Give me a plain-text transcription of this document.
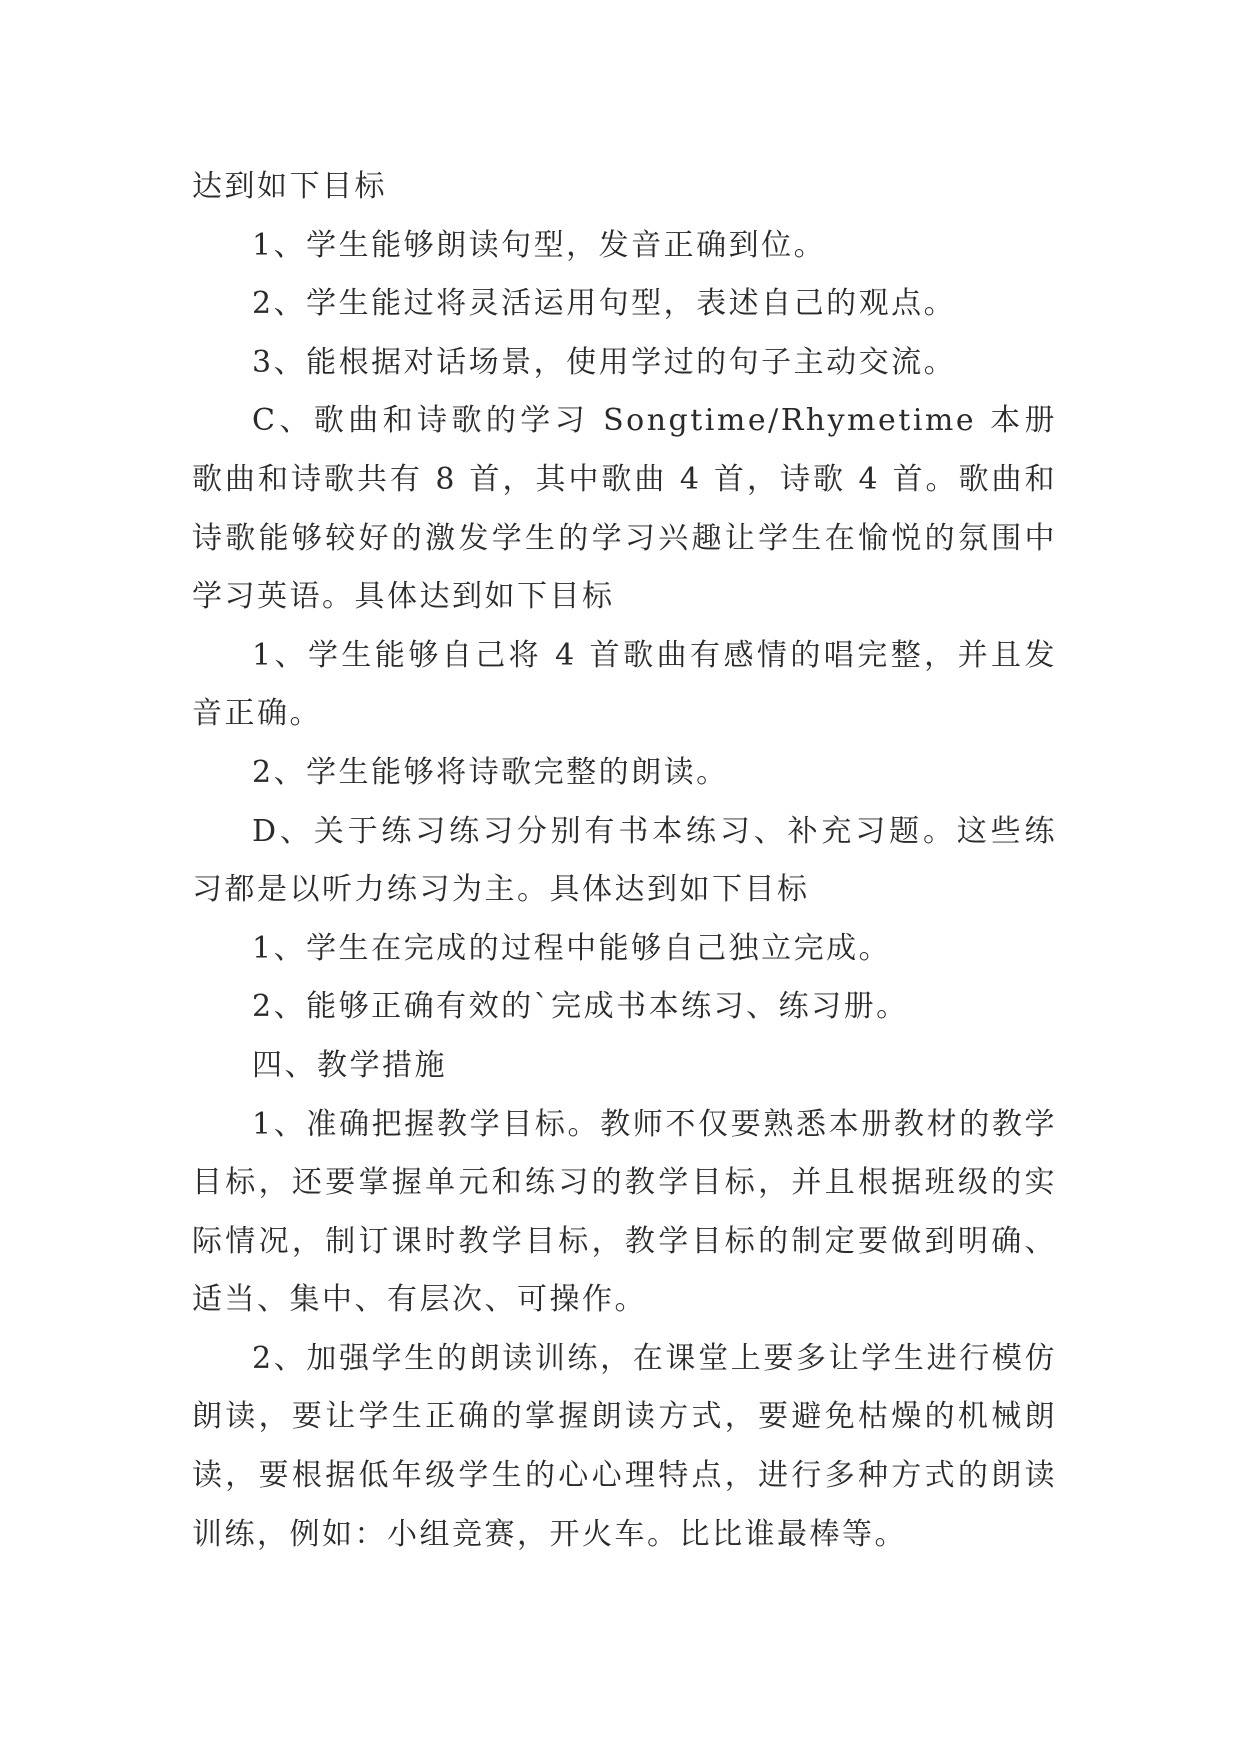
达到如下目标

1、学生能够朗读句型，发音正确到位。

2、学生能过将灵活运用句型，表述自己的观点。

3、能根据对话场景，使用学过的句子主动交流。

C、歌曲和诗歌的学习 Songtime/Rhymetime 本册歌曲和诗歌共有 8 首，其中歌曲 4 首，诗歌 4 首。歌曲和诗歌能够较好的激发学生的学习兴趣让学生在愉悦的氛围中学习英语。具体达到如下目标

1、学生能够自己将 4 首歌曲有感情的唱完整，并且发音正确。

2、学生能够将诗歌完整的朗读。

D、关于练习练习分别有书本练习、补充习题。这些练习都是以听力练习为主。具体达到如下目标

1、学生在完成的过程中能够自己独立完成。

2、能够正确有效的`完成书本练习、练习册。

四、教学措施

1、准确把握教学目标。教师不仅要熟悉本册教材的教学目标，还要掌握单元和练习的教学目标，并且根据班级的实际情况，制订课时教学目标，教学目标的制定要做到明确、适当、集中、有层次、可操作。

2、加强学生的朗读训练，在课堂上要多让学生进行模仿朗读，要让学生正确的掌握朗读方式，要避免枯燥的机械朗读，要根据低年级学生的心心理特点，进行多种方式的朗读训练，例如：小组竞赛，开火车。比比谁最棒等。
